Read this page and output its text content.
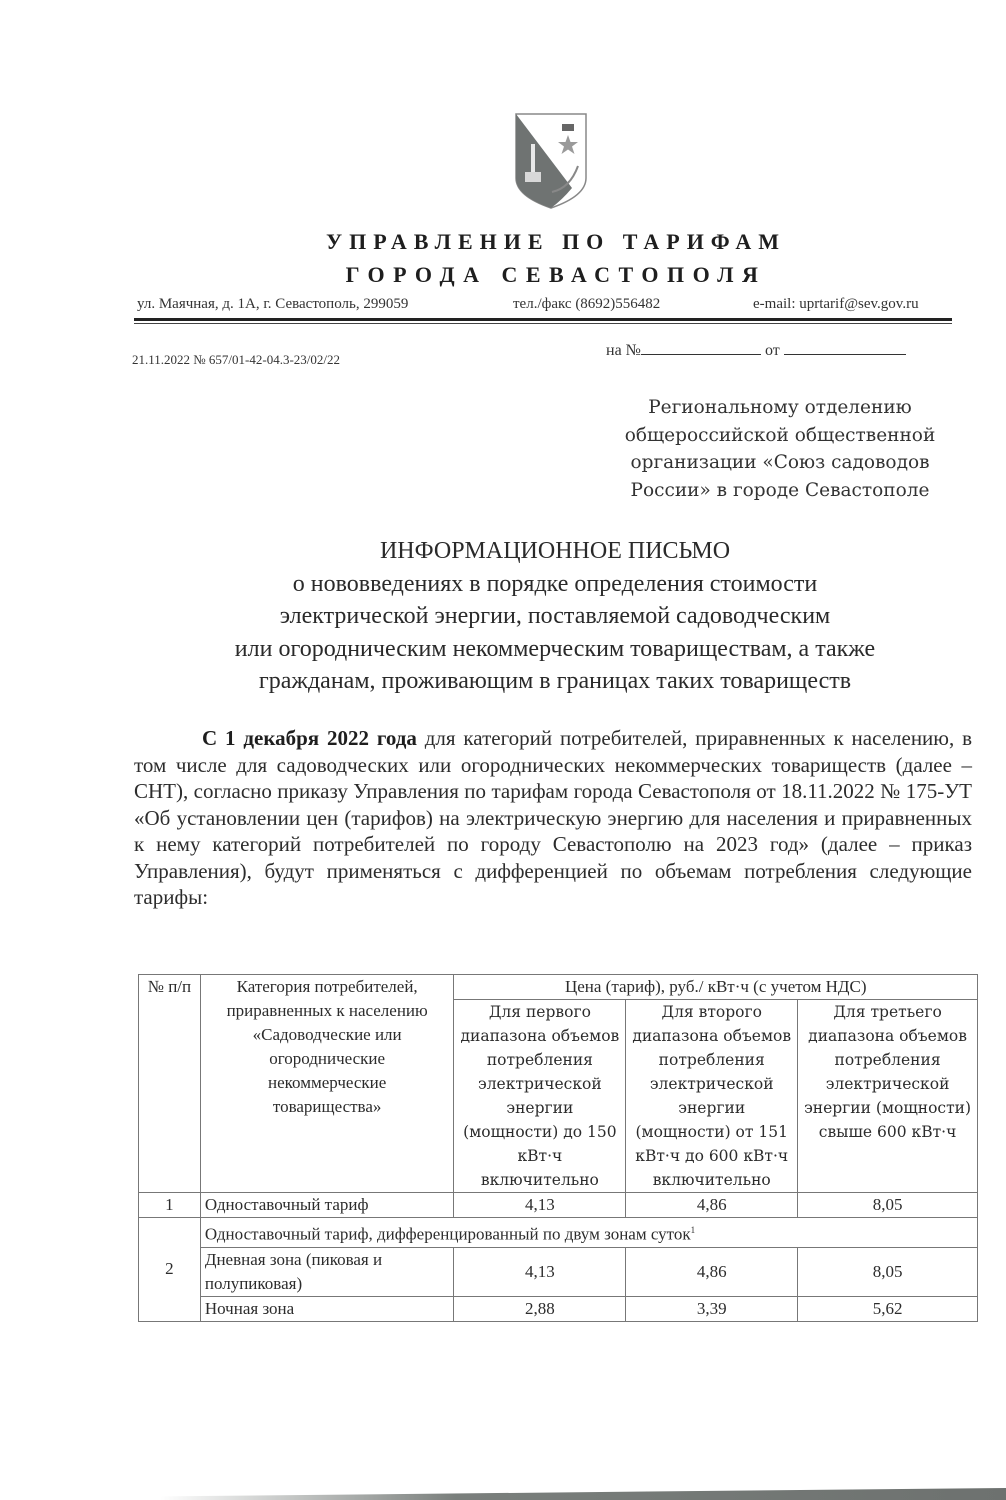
УПРАВЛЕНИЕ ПО ТАРИФАМ
ГОРОДА СЕВАСТОПОЛЯ
ул. Маячная, д. 1А, г. Севастополь, 299059	тел./факс (8692)556482	e-mail: uprtarif@sev.gov.ru
21.11.2022 № 657/01-42-04.3-23/02/22
на №	от
Региональному отделению
общероссийской общественной
организации «Союз садоводов
России» в городе Севастополе
ИНФОРМАЦИОННОЕ ПИСЬМО
о нововведениях в порядке определения стоимости
электрической энергии, поставляемой садоводческим
или огородническим некоммерческим товариществам, а также
гражданам, проживающим в границах таких товариществ
С 1 декабря 2022 года для категорий потребителей, приравненных к населению, в том числе для садоводческих или огороднических некоммерческих товариществ (далее – СНТ), согласно приказу Управления по тарифам города Севастополя от 18.11.2022 № 175-УТ «Об установлении цен (тарифов) на электрическую энергию для населения и приравненных к нему категорий потребителей по городу Севастополю на 2023 год» (далее – приказ Управления), будут применяться с дифференцией по объемам потребления следующие тарифы:
№ п/п	Категория потребителей, приравненных к населению «Садоводческие или огороднические некоммерческие товарищества»	Цена (тариф), руб./ кВт·ч (с учетом НДС)		
		Для первого диапазона объемов потребления электрической энергии (мощности) до 150 кВт·ч включительно	Для второго диапазона объемов потребления электрической энергии (мощности) от 151 кВт·ч до 600 кВт·ч включительно	Для третьего диапазона объемов потребления электрической энергии (мощности) свыше 600 кВт·ч
1	Одноставочный тариф	4,13	4,86	8,05
2	Одноставочный тариф, дифференцированный по двум зонам суток$^1$
	Дневная зона (пиковая и полупиковая)	4,13	4,86	8,05
	Ночная зона	2,88	3,39	5,62
